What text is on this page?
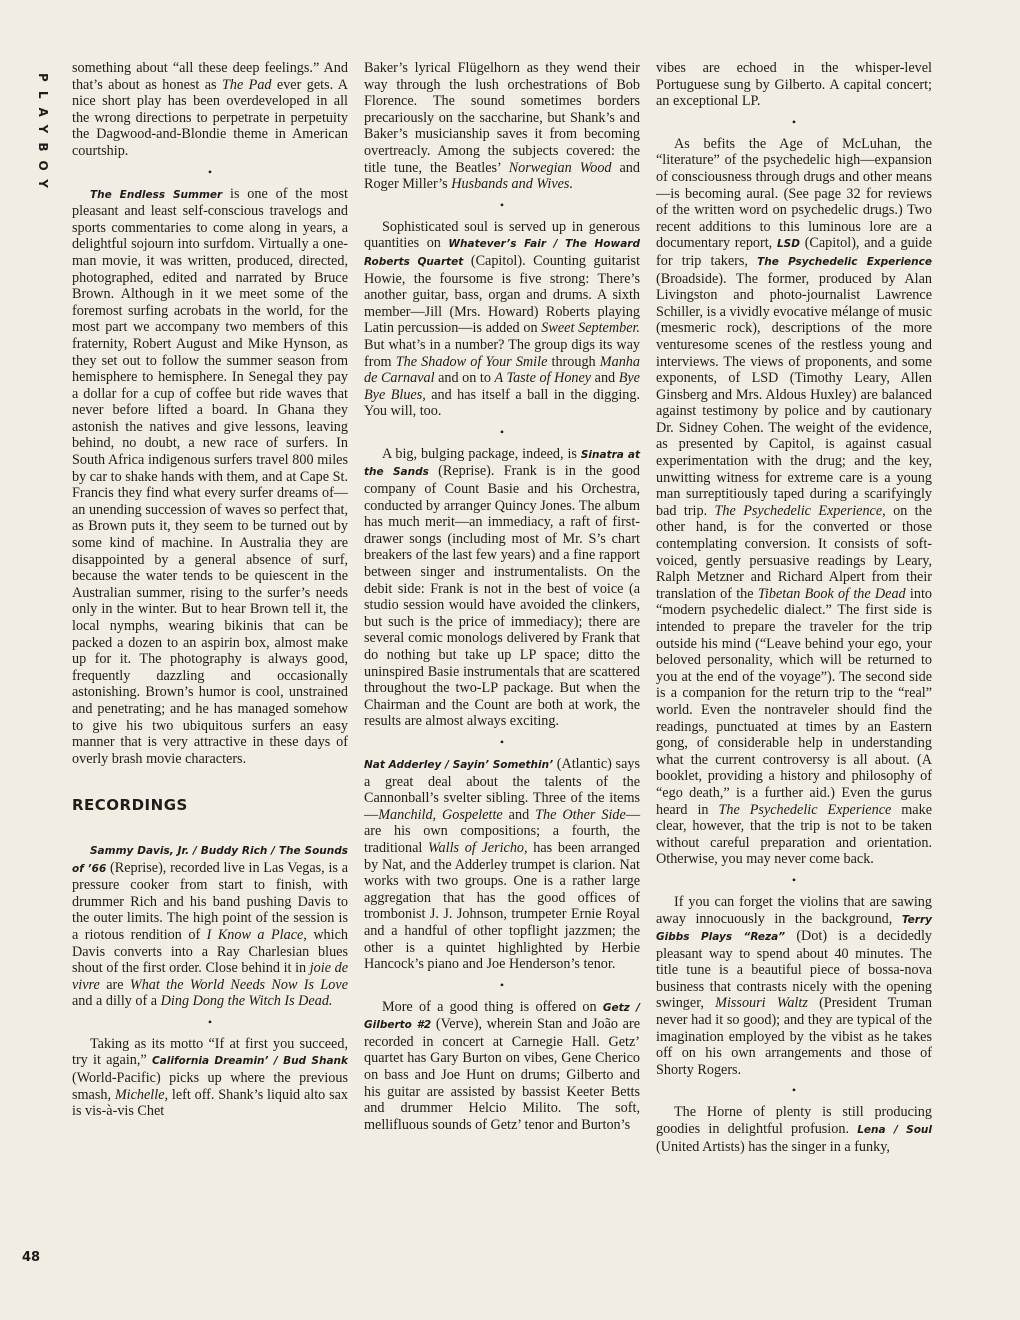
PLAYBOY
48

something about “all these deep feelings.” And that’s about as honest as The Pad ever gets. A nice short play has been overdeveloped in all the wrong directions to perpetrate in perpetuity the Dagwood-and-Blondie theme in American courtship.

•

The Endless Summer is one of the most pleasant and least self-conscious travelogs and sports commentaries to come along in years, a delightful sojourn into surfdom. Virtually a one-man movie, it was written, produced, directed, photographed, edited and narrated by Bruce Brown. Although in it we meet some of the foremost surfing acrobats in the world, for the most part we accompany two members of this fraternity, Robert August and Mike Hynson, as they set out to follow the summer season from hemisphere to hemisphere. In Senegal they pay a dollar for a cup of coffee but ride waves that never before lifted a board. In Ghana they astonish the natives and give lessons, leaving behind, no doubt, a new race of surfers. In South Africa indigenous surfers travel 800 miles by car to shake hands with them, and at Cape St. Francis they find what every surfer dreams of—an unending succession of waves so perfect that, as Brown puts it, they seem to be turned out by some kind of machine. In Australia they are disappointed by a general absence of surf, because the water tends to be quiescent in the Australian summer, rising to the surfer’s needs only in the winter. But to hear Brown tell it, the local nymphs, wearing bikinis that can be packed a dozen to an aspirin box, almost make up for it. The photography is always good, frequently dazzling and occasionally astonishing. Brown’s humor is cool, unstrained and penetrating; and he has managed somehow to give his two ubiquitous surfers an easy manner that is very attractive in these days of overly brash movie characters.

RECORDINGS

Sammy Davis, Jr. / Buddy Rich / The Sounds of ’66 (Reprise), recorded live in Las Vegas, is a pressure cooker from start to finish, with drummer Rich and his band pushing Davis to the outer limits. The high point of the session is a riotous rendition of I Know a Place, which Davis converts into a Ray Charlesian blues shout of the first order. Close behind it in joie de vivre are What the World Needs Now Is Love and a dilly of a Ding Dong the Witch Is Dead.

•

Taking as its motto “If at first you succeed, try it again,” California Dreamin’ / Bud Shank (World-Pacific) picks up where the previous smash, Michelle, left off. Shank’s liquid alto sax is vis-à-vis Chet

Baker’s lyrical Flügelhorn as they wend their way through the lush orchestrations of Bob Florence. The sound sometimes borders precariously on the saccharine, but Shank’s and Baker’s musicianship saves it from becoming overtreacly. Among the subjects covered: the title tune, the Beatles’ Norwegian Wood and Roger Miller’s Husbands and Wives.

•

Sophisticated soul is served up in generous quantities on Whatever’s Fair / The Howard Roberts Quartet (Capitol). Counting guitarist Howie, the foursome is five strong: There’s another guitar, bass, organ and drums. A sixth member—Jill (Mrs. Howard) Roberts playing Latin percussion—is added on Sweet September. But what’s in a number? The group digs its way from The Shadow of Your Smile through Manha de Carnaval and on to A Taste of Honey and Bye Bye Blues, and has itself a ball in the digging. You will, too.

•

A big, bulging package, indeed, is Sinatra at the Sands (Reprise). Frank is in the good company of Count Basie and his Orchestra, conducted by arranger Quincy Jones. The album has much merit—an immediacy, a raft of first-drawer songs (including most of Mr. S’s chart breakers of the last few years) and a fine rapport between singer and instrumentalists. On the debit side: Frank is not in the best of voice (a studio session would have avoided the clinkers, but such is the price of immediacy); there are several comic monologs delivered by Frank that do nothing but take up LP space; ditto the uninspired Basie instrumentals that are scattered throughout the two-LP package. But when the Chairman and the Count are both at work, the results are almost always exciting.

•

Nat Adderley / Sayin’ Somethin’ (Atlantic) says a great deal about the talents of the Cannonball’s svelter sibling. Three of the items—Manchild, Gospelette and The Other Side—are his own compositions; a fourth, the traditional Walls of Jericho, has been arranged by Nat, and the Adderley trumpet is clarion. Nat works with two groups. One is a rather large aggregation that has the good offices of trombonist J. J. Johnson, trumpeter Ernie Royal and a handful of other topflight jazzmen; the other is a quintet highlighted by Herbie Hancock’s piano and Joe Henderson’s tenor.

•

More of a good thing is offered on Getz / Gilberto #2 (Verve), wherein Stan and João are recorded in concert at Carnegie Hall. Getz’ quartet has Gary Burton on vibes, Gene Cherico on bass and Joe Hunt on drums; Gilberto and his guitar are assisted by bassist Keeter Betts and drummer Helcio Milito. The soft, mellifluous sounds of Getz’ tenor and Burton’s

vibes are echoed in the whisper-level Portuguese sung by Gilberto. A capital concert; an exceptional LP.

•

As befits the Age of McLuhan, the “literature” of the psychedelic high—expansion of consciousness through drugs and other means—is becoming aural. (See page 32 for reviews of the written word on psychedelic drugs.) Two recent additions to this luminous lore are a documentary report, LSD (Capitol), and a guide for trip takers, The Psychedelic Experience (Broadside). The former, produced by Alan Livingston and photo-journalist Lawrence Schiller, is a vividly evocative mélange of music (mesmeric rock), descriptions of the more venturesome scenes of the restless young and interviews. The views of proponents, and some exponents, of LSD (Timothy Leary, Allen Ginsberg and Mrs. Aldous Huxley) are balanced against testimony by police and by cautionary Dr. Sidney Cohen. The weight of the evidence, as presented by Capitol, is against casual experimentation with the drug; and the key, unwitting witness for extreme care is a young man surreptitiously taped during a scarifyingly bad trip. The Psychedelic Experience, on the other hand, is for the converted or those contemplating conversion. It consists of soft-voiced, gently persuasive readings by Leary, Ralph Metzner and Richard Alpert from their translation of the Tibetan Book of the Dead into “modern psychedelic dialect.” The first side is intended to prepare the traveler for the trip outside his mind (“Leave behind your ego, your beloved personality, which will be returned to you at the end of the voyage”). The second side is a companion for the return trip to the “real” world. Even the nontraveler should find the readings, punctuated at times by an Eastern gong, of considerable help in understanding what the current controversy is all about. (A booklet, providing a history and philosophy of “ego death,” is a further aid.) Even the gurus heard in The Psychedelic Experience make clear, however, that the trip is not to be taken without careful preparation and orientation. Otherwise, you may never come back.

•

If you can forget the violins that are sawing away innocuously in the background, Terry Gibbs Plays “Reza” (Dot) is a decidedly pleasant way to spend about 40 minutes. The title tune is a beautiful piece of bossa-nova business that contrasts nicely with the opening swinger, Missouri Waltz (President Truman never had it so good); and they are typical of the imagination employed by the vibist as he takes off on his own arrangements and those of Shorty Rogers.

•

The Horne of plenty is still producing goodies in delightful profusion. Lena / Soul (United Artists) has the singer in a funky,
